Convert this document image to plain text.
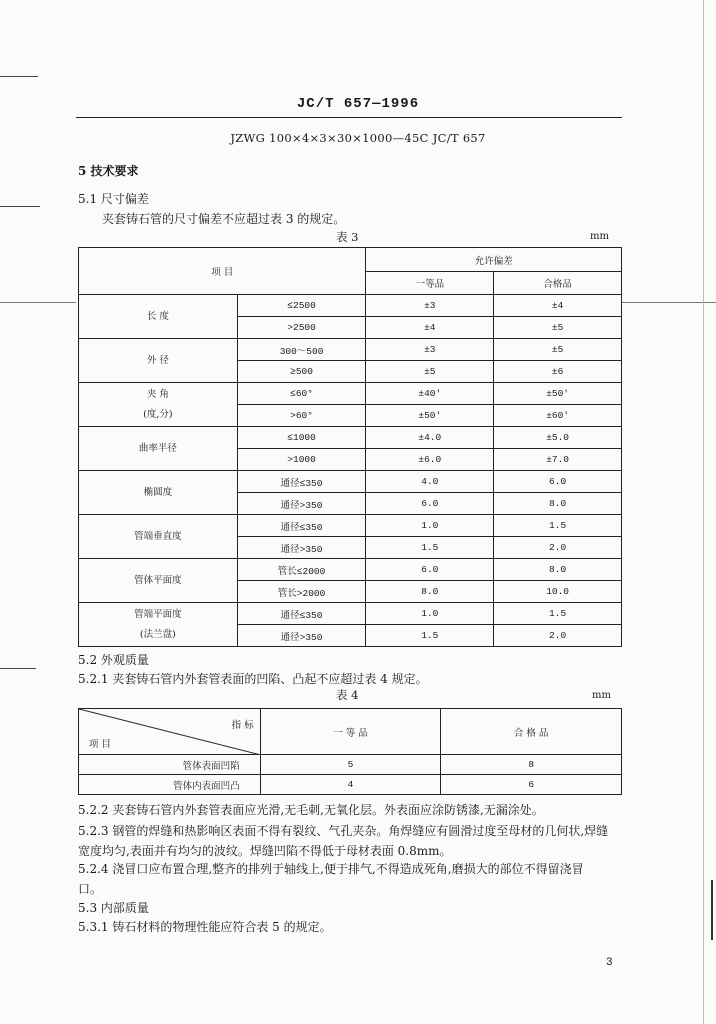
JC/T 657—1996
JZWG 100×4×3×30×1000—45C JC/T 657
5 技术要求
5.1 尺寸偏差
夹套铸石管的尺寸偏差不应超过表 3 的规定。
表 3	mm
项 目		允许偏差	
		一等品	合格品

长 度	≤2500	±3	±4
	>2500	±4	±5

外 径	300～500	±3	±5
	≥500	±5	±6

夹 角
(度,分)	≤60°	±40′	±50′
	>60°	±50′	±60′

曲率半径	≤1000	±4.0	±5.0
	>1000	±6.0	±7.0

椭圆度	通径≤350	4.0	6.0
	通径>350	6.0	8.0

管端垂直度	通径≤350	1.0	1.5
	通径>350	1.5	2.0

管体平面度	管长≤2000	6.0	8.0
	管长>2000	8.0	10.0

管端平面度
(法兰盘)	通径≤350	1.0	1.5
	通径>350	1.5	2.0
5.2 外观质量
5.2.1 夹套铸石管内外套管表面的凹陷、凸起不应超过表 4 规定。
表 4	mm
指 标
项 目	一 等 品	合 格 品
管体表面凹陷	5	8
管体内表面凹凸	4	6
5.2.2 夹套铸石管内外套管表面应光滑,无毛刺,无氧化层。外表面应涂防锈漆,无漏涂处。
5.2.3 钢管的焊缝和热影响区表面不得有裂纹、气孔夹杂。角焊缝应有圆滑过度至母材的几何状,焊缝
宽度均匀,表面并有均匀的波纹。焊缝凹陷不得低于母材表面 0.8mm。
5.2.4 浇冒口应布置合理,整齐的排列于轴线上,便于排气,不得造成死角,磨损大的部位不得留浇冒
口。
5.3 内部质量
5.3.1 铸石材料的物理性能应符合表 5 的规定。
3
